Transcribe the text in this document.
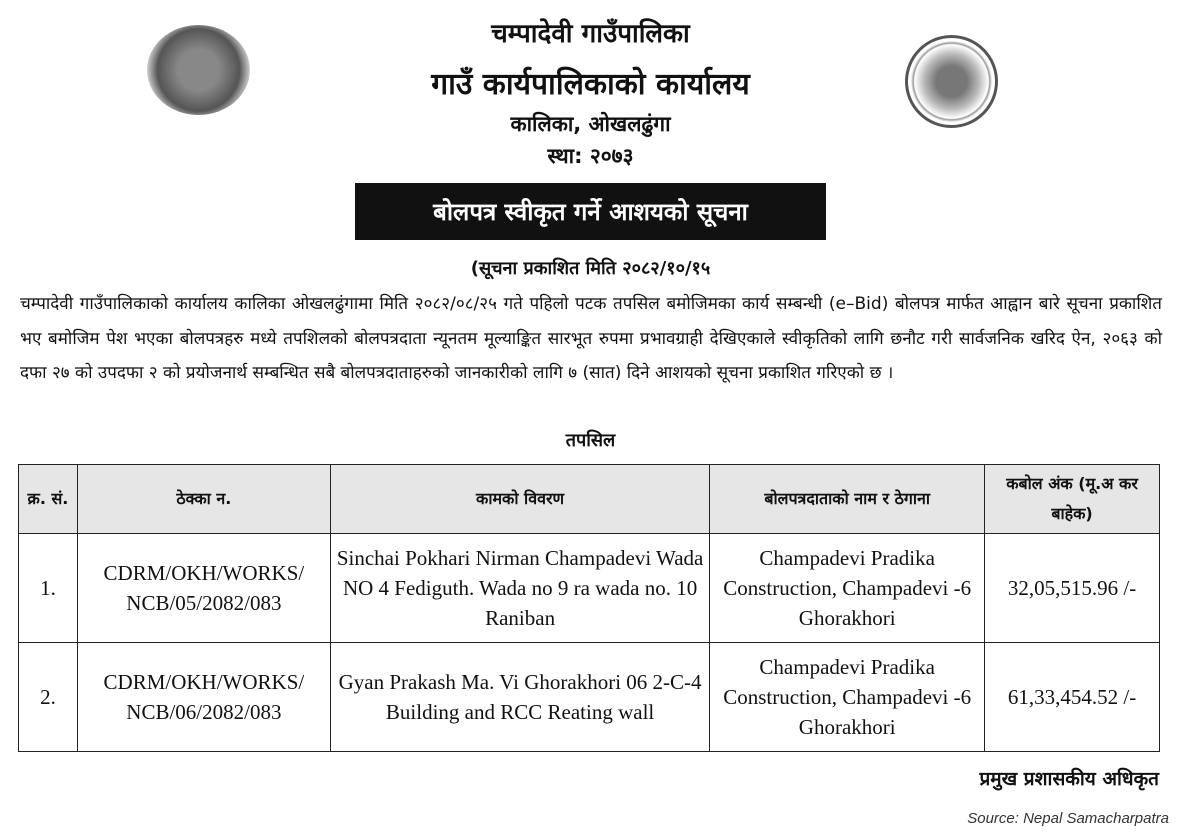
चम्पादेवी गाउँपालिका
गाउँ कार्यपालिकाको कार्यालय
कालिका, ओखलढुंगा
स्था: २०७३
बोलपत्र स्वीकृत गर्ने आशयको सूचना
(सूचना प्रकाशित मिति २०८२/१०/१५
चम्पादेवी गाउँपालिकाको कार्यालय कालिका ओखलढुंगामा मिति २०८२/०८/२५ गते पहिलो पटक तपसिल बमोजिमका कार्य सम्बन्धी (e–Bid) बोलपत्र मार्फत आह्वान बारे सूचना प्रकाशित भए बमोजिम पेश भएका बोलपत्रहरु मध्ये तपशिलको बोलपत्रदाता न्यूनतम मूल्याङ्कित सारभूत रुपमा प्रभावग्राही देखिएकाले स्वीकृतिको लागि छनौट गरी सार्वजनिक खरिद ऐन, २०६३ को दफा २७ को उपदफा २ को प्रयोजनार्थ सम्बन्धित सबै बोलपत्रदाताहरुको जानकारीको लागि ७ (सात) दिने आशयको सूचना प्रकाशित गरिएको छ ।
तपसिल
क्र. सं.	ठेक्का न.	कामको विवरण	बोलपत्रदाताको नाम र ठेगाना	कबोल अंक (मू.अ कर बाहेक)
1.	CDRM/OKH/WORKS/ NCB/05/2082/083	Sinchai Pokhari Nirman Champadevi Wada NO 4 Fediguth. Wada no 9 ra wada no. 10 Raniban	Champadevi Pradika Construction, Champadevi -6 Ghorakhori	32,05,515.96 /-
2.	CDRM/OKH/WORKS/ NCB/06/2082/083	Gyan Prakash Ma. Vi Ghorakhori 06 2-C-4 Building and RCC Reating wall	Champadevi Pradika Construction, Champadevi -6 Ghorakhori	61,33,454.52 /-
प्रमुख प्रशासकीय अधिकृत
Source: Nepal Samacharpatra
